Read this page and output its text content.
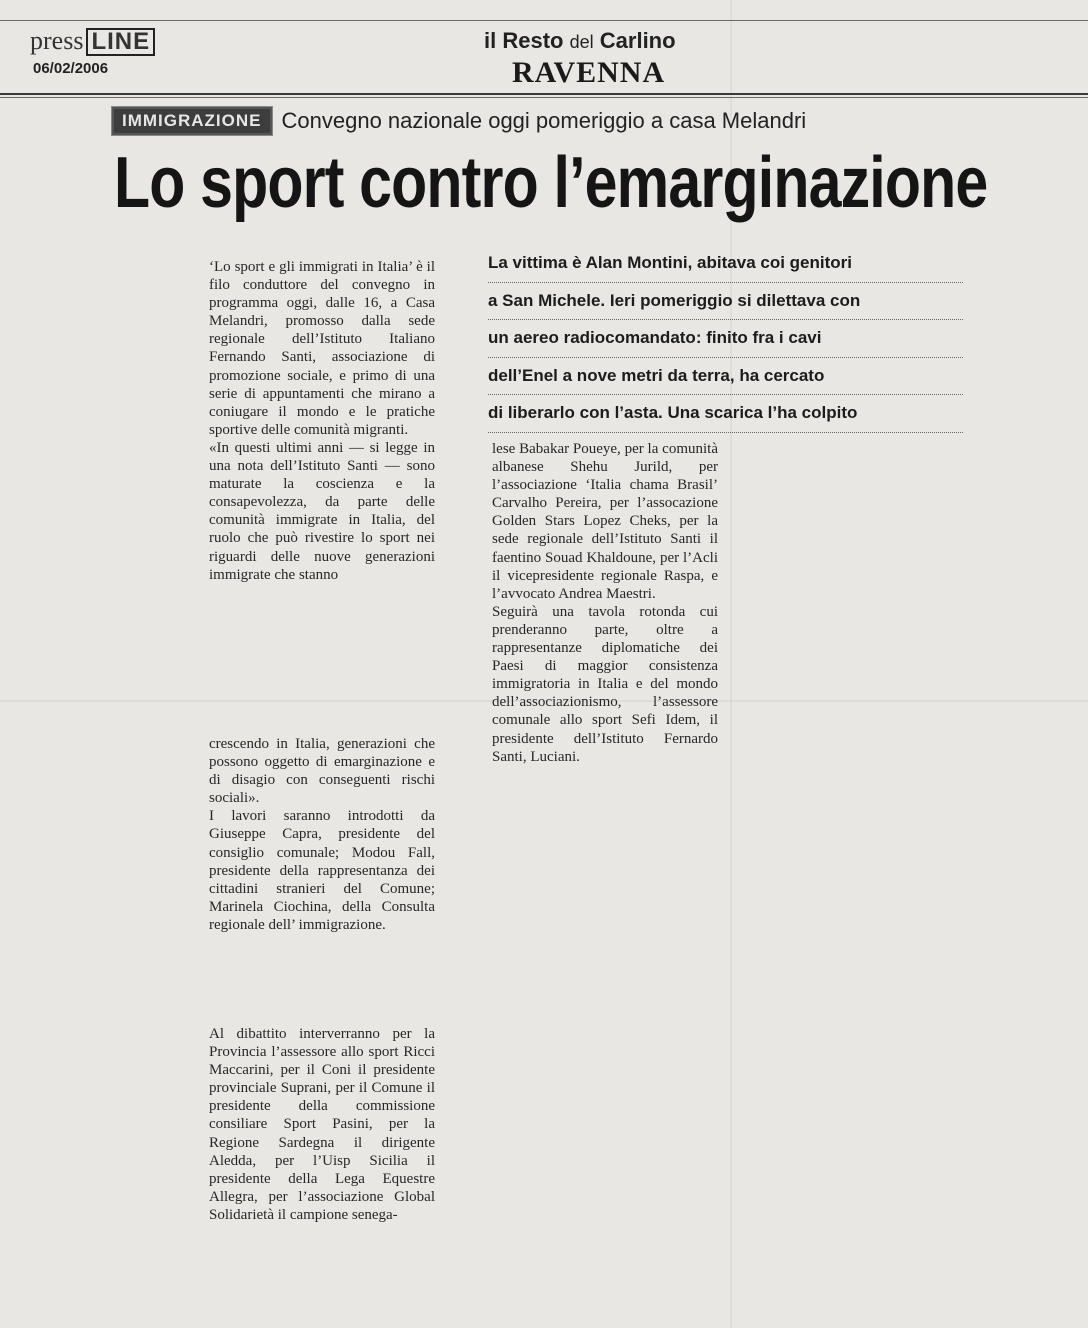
press LINE
06/02/2006
il Resto del Carlino
RAVENNA
IMMIGRAZIONE Convegno nazionale oggi pomeriggio a casa Melandri
Lo sport contro l’emarginazione
La vittima è Alan Montini, abitava coi genitori
a San Michele. Ieri pomeriggio si dilettava con
un aereo radiocomandato: finito fra i cavi
dell’Enel a nove metri da terra, ha cercato
di liberarlo con l’asta. Una scarica l’ha colpito

‘Lo sport e gli immigrati in Italia’ è il filo conduttore del convegno in programma oggi, dalle 16, a Casa Melandri, promosso dalla sede regionale dell’Istituto Italiano Fernando Santi, associazione di promozione sociale, e primo di una serie di appuntamenti che mirano a coniugare il mondo e le pratiche sportive delle comunità migranti.
«In questi ultimi anni — si legge in una nota dell’Istituto Santi — sono maturate la coscienza e la consapevolezza, da parte delle comunità immigrate in Italia, del ruolo che può rivestire lo sport nei riguardi delle nuove generazioni immigrate che stanno

crescendo in Italia, generazioni che possono oggetto di emarginazione e di disagio con conseguenti rischi sociali».
I lavori saranno introdotti da Giuseppe Capra, presidente del consiglio comunale; Modou Fall, presidente della rappresentanza dei cittadini stranieri del Comune; Marinela Ciochina, della Consulta regionale dell’ immigrazione.

Al dibattito interverranno per la Provincia l’assessore allo sport Ricci Maccarini, per il Coni il presidente provinciale Suprani, per il Comune il presidente della commissione consiliare Sport Pasini, per la Regione Sardegna il dirigente Aledda, per l’Uisp Sicilia il presidente della Lega Equestre Allegra, per l’associazione Global Solidarietà il campione senega-

lese Babakar Poueye, per la comunità albanese Shehu Jurild, per l’associazione ‘Italia chama Brasil’ Carvalho Pereira, per l’assocazione Golden Stars Lopez Cheks, per la sede regionale dell’Istituto Santi il faentino Souad Khaldoune, per l’Acli il vicepresidente regionale Raspa, e l’avvocato Andrea Maestri.
Seguirà una tavola rotonda cui prenderanno parte, oltre a rappresentanze diplomatiche dei Paesi di maggior consistenza immigratoria in Italia e del mondo dell’associazionismo, l’assessore comunale allo sport Sefi Idem, il presidente dell’Istituto Fernardo Santi, Luciani.
